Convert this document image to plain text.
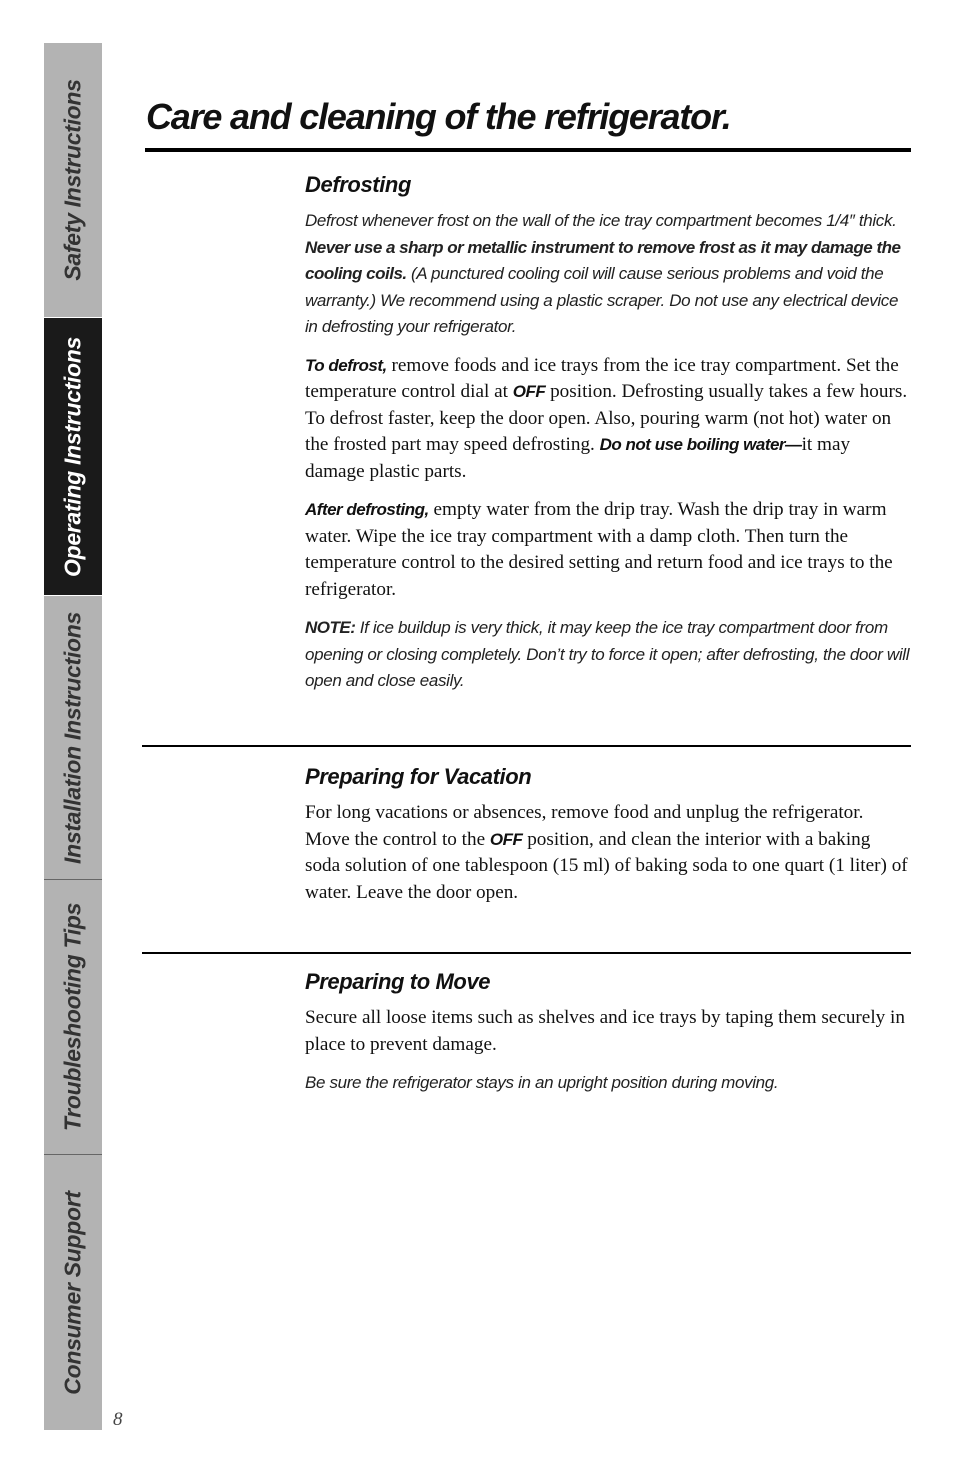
Safety Instructions
Operating Instructions
Installation Instructions
Troubleshooting Tips
Consumer Support
8
Care and cleaning of the refrigerator.
Defrosting

Defrost whenever frost on the wall of the ice tray compartment becomes 1/4″ thick. Never use a sharp or metallic instrument to remove frost as it may damage the cooling coils. (A punctured cooling coil will cause serious problems and void the warranty.) We recommend using a plastic scraper. Do not use any electrical device in defrosting your refrigerator.

To defrost, remove foods and ice trays from the ice tray compartment. Set the temperature control dial at OFF position. Defrosting usually takes a few hours. To defrost faster, keep the door open. Also, pouring warm (not hot) water on the frosted part may speed defrosting. Do not use boiling water—it may damage plastic parts.

After defrosting, empty water from the drip tray. Wash the drip tray in warm water. Wipe the ice tray compartment with a damp cloth. Then turn the temperature control to the desired setting and return food and ice trays to the refrigerator.

NOTE: If ice buildup is very thick, it may keep the ice tray compartment door from opening or closing completely. Don’t try to force it open; after defrosting, the door will open and close easily.

Preparing for Vacation

For long vacations or absences, remove food and unplug the refrigerator. Move the control to the OFF position, and clean the interior with a baking soda solution of one tablespoon (15 ml) of baking soda to one quart (1 liter) of water. Leave the door open.

Preparing to Move

Secure all loose items such as shelves and ice trays by taping them securely in place to prevent damage.

Be sure the refrigerator stays in an upright position during moving.
